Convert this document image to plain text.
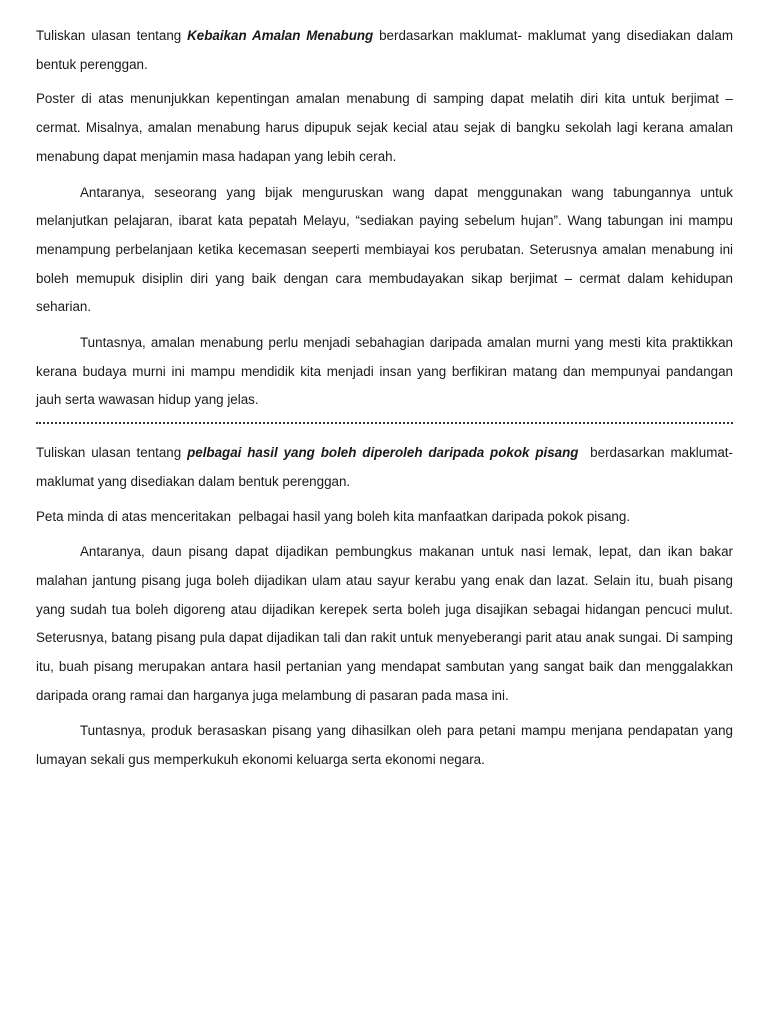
Tuliskan ulasan tentang Kebaikan Amalan Menabung berdasarkan maklumat- maklumat yang disediakan dalam bentuk perenggan.

Poster di atas menunjukkan kepentingan amalan menabung di samping dapat melatih diri kita untuk berjimat – cermat. Misalnya, amalan menabung harus dipupuk sejak kecial atau sejak di bangku sekolah lagi kerana amalan menabung dapat menjamin masa hadapan yang lebih cerah.

Antaranya, seseorang yang bijak menguruskan wang dapat menggunakan wang tabungannya untuk melanjutkan pelajaran, ibarat kata pepatah Melayu, “sediakan paying sebelum hujan”. Wang tabungan ini mampu menampung perbelanjaan ketika kecemasan seeperti membiayai kos perubatan. Seterusnya amalan menabung ini boleh memupuk disiplin diri yang baik dengan cara membudayakan sikap berjimat – cermat dalam kehidupan seharian.

Tuntasnya, amalan menabung perlu menjadi sebahagian daripada amalan murni yang mesti kita praktikkan kerana budaya murni ini mampu mendidik kita menjadi insan yang berfikiran matang dan mempunyai pandangan jauh serta wawasan hidup yang jelas.

Tuliskan ulasan tentang pelbagai hasil yang boleh diperoleh daripada pokok pisang  berdasarkan maklumat-maklumat yang disediakan dalam bentuk perenggan.

Peta minda di atas menceritakan  pelbagai hasil yang boleh kita manfaatkan daripada pokok pisang.

Antaranya, daun pisang dapat dijadikan pembungkus makanan untuk nasi lemak, lepat, dan ikan bakar malahan jantung pisang juga boleh dijadikan ulam atau sayur kerabu yang enak dan lazat. Selain itu, buah pisang yang sudah tua boleh digoreng atau dijadikan kerepek serta boleh juga disajikan sebagai hidangan pencuci mulut. Seterusnya, batang pisang pula dapat dijadikan tali dan rakit untuk menyeberangi parit atau anak sungai. Di samping itu, buah pisang merupakan antara hasil pertanian yang mendapat sambutan yang sangat baik dan menggalakkan daripada orang ramai dan harganya juga melambung di pasaran pada masa ini.

Tuntasnya, produk berasaskan pisang yang dihasilkan oleh para petani mampu menjana pendapatan yang lumayan sekali gus memperkukuh ekonomi keluarga serta ekonomi negara.
